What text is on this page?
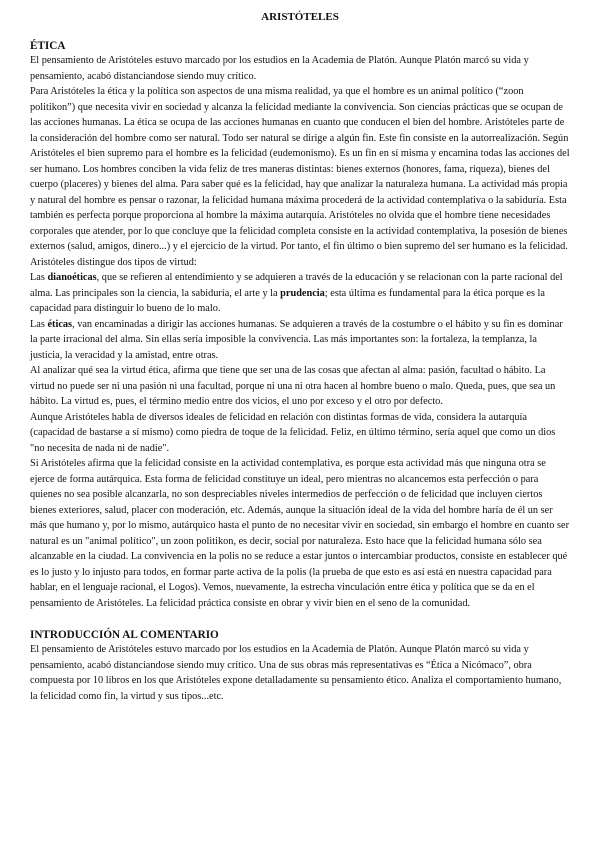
ARISTÓTELES
ÉTICA

El pensamiento de Aristóteles estuvo marcado por los estudios en la Academia de Platón. Aunque Platón marcó su vida y pensamiento, acabó distanciandose siendo muy crítico.

Para Aristóteles la ética y la política son aspectos de una misma realidad, ya que el hombre es un animal político (“zoon politikon”) que necesita vivir en sociedad y alcanza la felicidad mediante la convivencia. Son ciencias prácticas que se ocupan de las acciones humanas. La ética se ocupa de las acciones humanas en cuanto que conducen el bien del hombre. Aristóteles parte de la consideración del hombre como ser natural. Todo ser natural se dirige a algún fin. Este fin consiste en la autorrealización. Según Aristóteles el bien supremo para el hombre es la felicidad (eudemonismo). Es un fin en sí misma y encamina todas las acciones del ser humano. Los hombres conciben la vida feliz de tres maneras distintas: bienes externos (honores, fama, riqueza), bienes del cuerpo (placeres) y bienes del alma. Para saber qué es la felicidad, hay que analizar la naturaleza humana. La actividad más propia y natural del hombre es pensar o razonar, la felicidad humana máxima procederá de la actividad contemplativa o la sabiduría. Esta también es perfecta porque proporciona al hombre la máxima autarquía. Aristóteles no olvida que el hombre tiene necesidades corporales que atender, por lo que concluye que la felicidad completa consiste en la actividad contemplativa, la posesión de bienes externos (salud, amigos, dinero...) y el ejercicio de la virtud. Por tanto, el fin último o bien supremo del ser humano es la felicidad. Aristóteles distingue dos tipos de virtud:

Las dianoéticas, que se refieren al entendimiento y se adquieren a través de la educación y se relacionan con la parte racional del alma. Las principales son la ciencia, la sabiduría, el arte y la prudencia; esta última es fundamental para la ética porque es la capacidad para distinguir lo bueno de lo malo.

Las éticas, van encaminadas a dirigir las acciones humanas. Se adquieren a través de la costumbre o el hábito y su fin es dominar la parte irracional del alma. Sin ellas sería imposible la convivencia. Las más importantes son: la fortaleza, la templanza, la justicia, la veracidad y la amistad, entre otras.

Al analizar qué sea la virtud ética, afirma que tiene que ser una de las cosas que afectan al alma: pasión, facultad o hábito. La virtud no puede ser ni una pasión ni una facultad, porque ni una ni otra hacen al hombre bueno o malo. Queda, pues, que sea un hábito. La virtud es, pues, el término medio entre dos vicios, el uno por exceso y el otro por defecto.

Aunque Aristóteles habla de diversos ideales de felicidad en relación con distintas formas de vida, considera la autarquía (capacidad de bastarse a sí mismo) como piedra de toque de la felicidad. Feliz, en último término, sería aquel que como un dios "no necesita de nada ni de nadie".

Si Aristóteles afirma que la felicidad consiste en la actividad contemplativa, es porque esta actividad más que ninguna otra se ejerce de forma autárquica. Esta forma de felicidad constituye un ideal, pero mientras no alcancemos esta perfección o para quienes no sea posible alcanzarla, no son despreciables niveles intermedios de perfección o de felicidad que incluyen ciertos bienes exteriores, salud, placer con moderación, etc. Además, aunque la situación ideal de la vida del hombre haría de él un ser más que humano y, por lo mismo, autárquico hasta el punto de no necesitar vivir en sociedad, sin embargo el hombre en cuanto ser natural es un "animal político", un zoon politikon, es decir, social por naturaleza. Esto hace que la felicidad humana sólo sea alcanzable en la ciudad. La convivencia en la polis no se reduce a estar juntos o intercambiar productos, consiste en establecer qué es lo justo y lo injusto para todos, en formar parte activa de la polis (la prueba de que esto es así está en nuestra capacidad para hablar, en el lenguaje racional, el Logos). Vemos, nuevamente, la estrecha vinculación entre ética y política que se da en el pensamiento de Aristóteles. La felicidad práctica consiste en obrar y vivir bien en el seno de la comunidad.

INTRODUCCIÓN AL COMENTARIO

El pensamiento de Aristóteles estuvo marcado por los estudios en la Academia de Platón. Aunque Platón marcó su vida y pensamiento, acabó distanciandose siendo muy crítico. Una de sus obras más representativas es “Ética a Nicómaco”, obra compuesta por 10 libros en los que Aristóteles expone detalladamente su pensamiento ético. Analiza el comportamiento humano, la felicidad como fin, la virtud y sus tipos...etc.
